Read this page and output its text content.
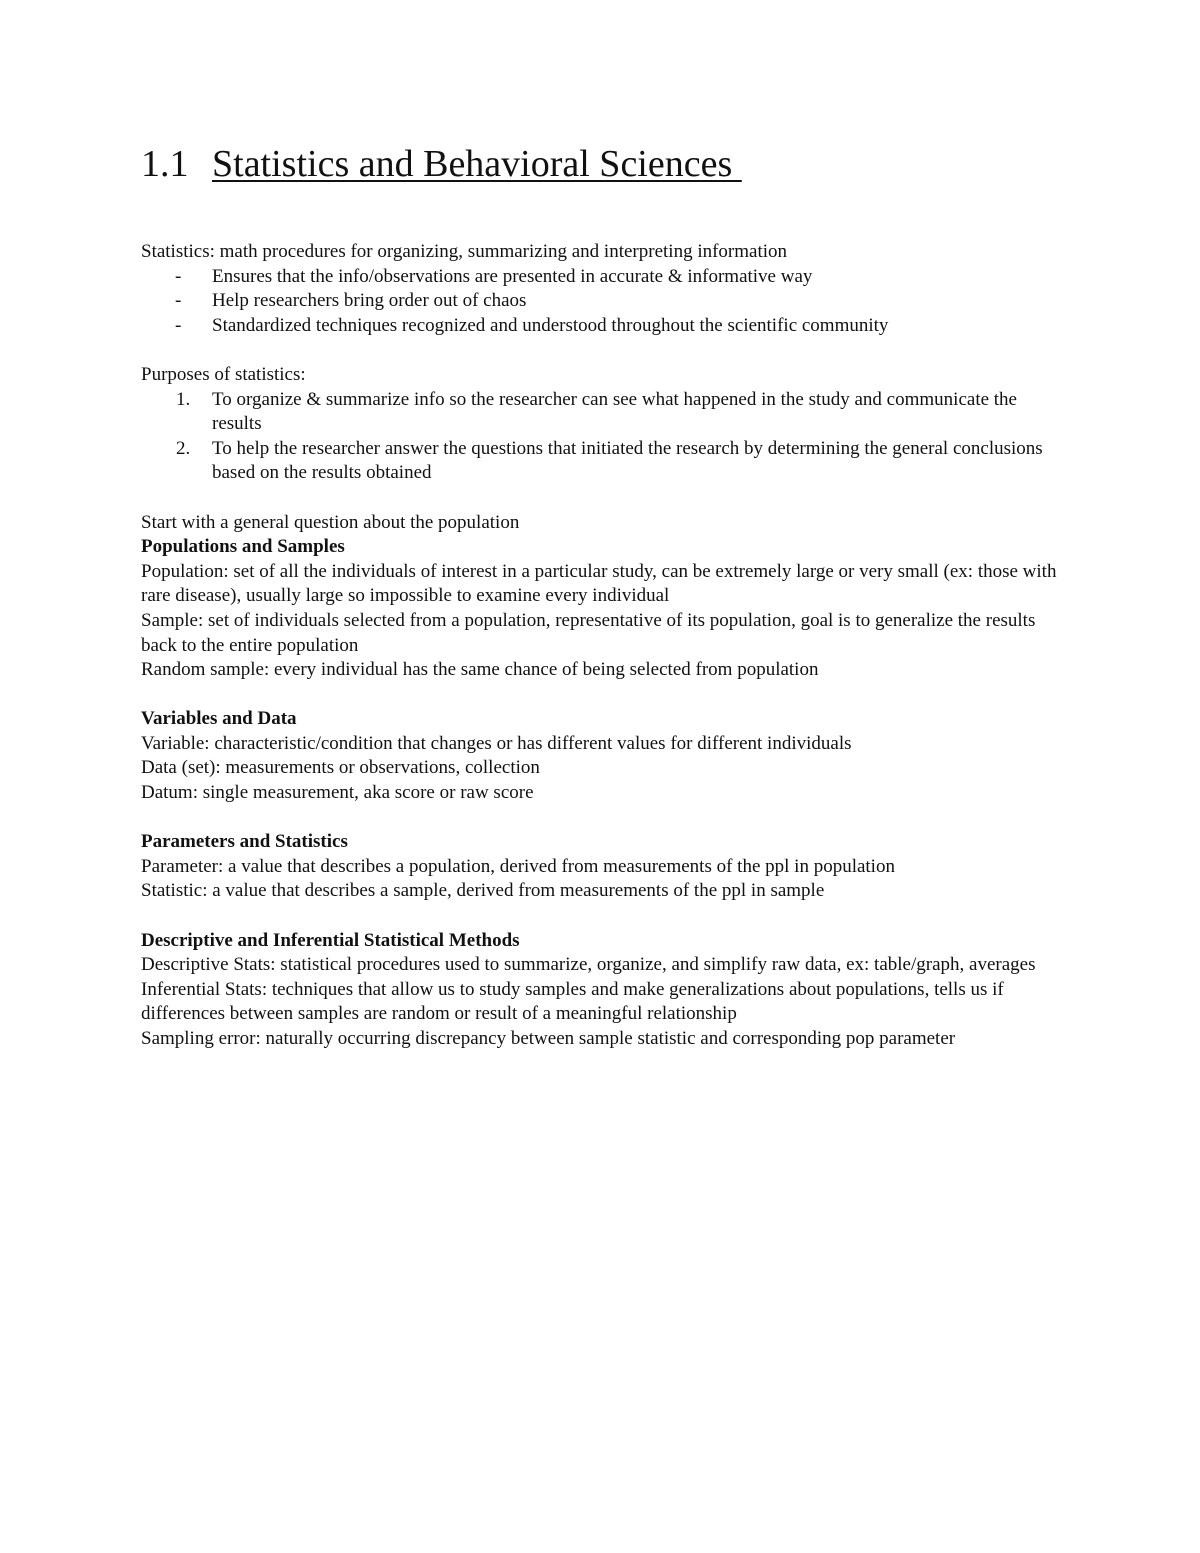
1.1 Statistics and Behavioral Sciences

Statistics: math procedures for organizing, summarizing and interpreting information

- Ensures that the info/observations are presented in accurate & informative way
- Help researchers bring order out of chaos
- Standardized techniques recognized and understood throughout the scientific community

Purposes of statistics:

1. To organize & summarize info so the researcher can see what happened in the study and communicate the results
2. To help the researcher answer the questions that initiated the research by determining the general conclusions based on the results obtained

Start with a general question about the population

Populations and Samples

Population: set of all the individuals of interest in a particular study, can be extremely large or very small (ex: those with rare disease), usually large so impossible to examine every individual

Sample: set of individuals selected from a population, representative of its population, goal is to generalize the results back to the entire population

Random sample: every individual has the same chance of being selected from population

Variables and Data

Variable: characteristic/condition that changes or has different values for different individuals

Data (set): measurements or observations, collection

Datum: single measurement, aka score or raw score

Parameters and Statistics

Parameter: a value that describes a population, derived from measurements of the ppl in population

Statistic: a value that describes a sample, derived from measurements of the ppl in sample

Descriptive and Inferential Statistical Methods

Descriptive Stats: statistical procedures used to summarize, organize, and simplify raw data, ex: table/graph, averages

Inferential Stats: techniques that allow us to study samples and make generalizations about populations, tells us if differences between samples are random or result of a meaningful relationship

Sampling error: naturally occurring discrepancy between sample statistic and corresponding pop parameter
